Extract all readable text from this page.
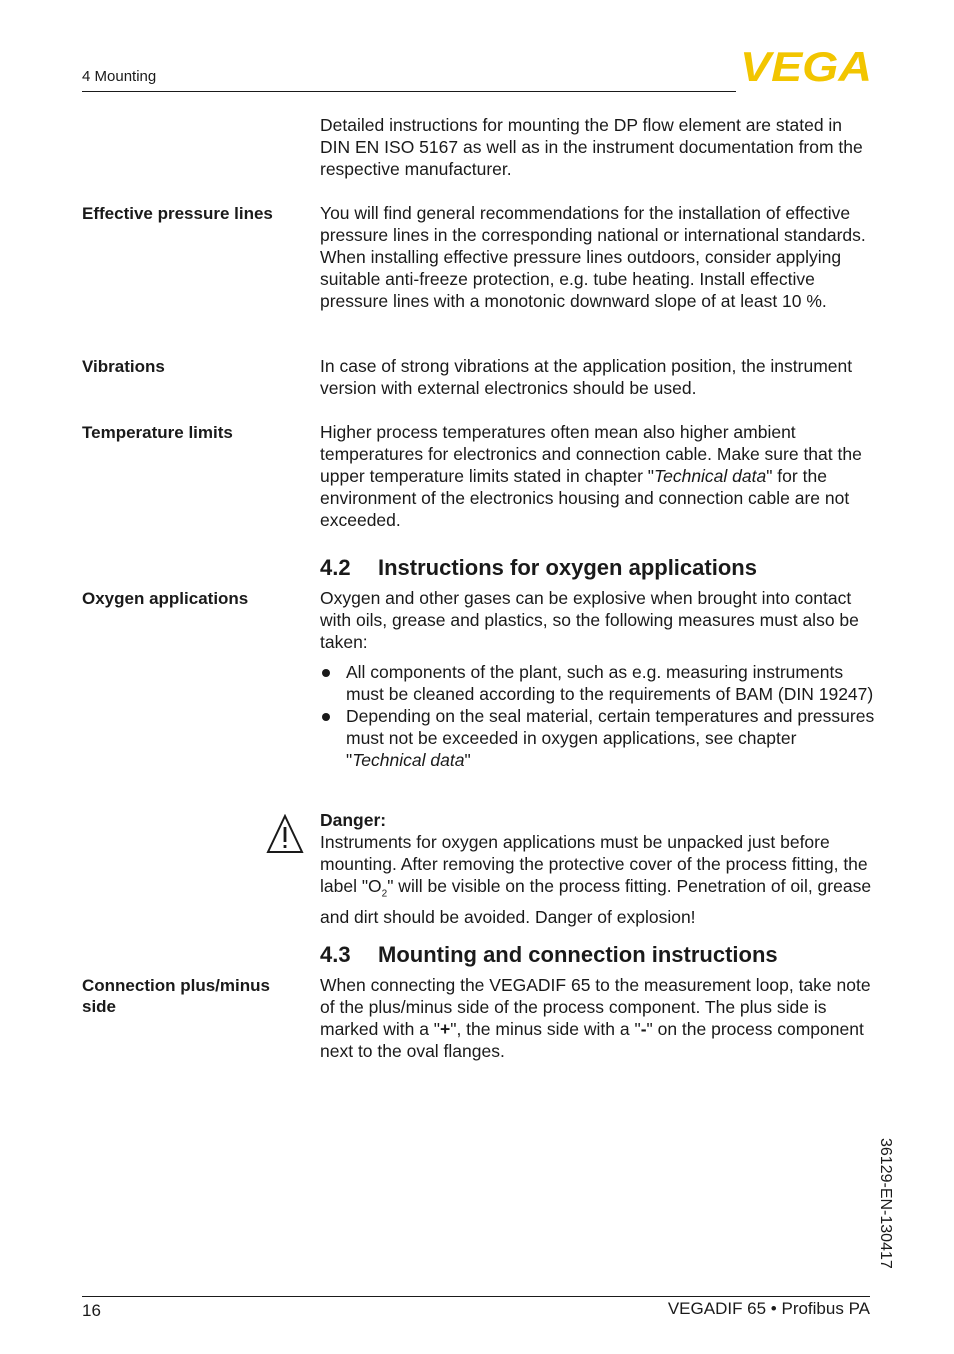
4 Mounting	VEGA

Detailed instructions for mounting the DP flow element are stated in DIN EN ISO 5167 as well as in the instrument documentation from the respective manufacturer.

Effective pressure lines	You will find general recommendations for the installation of effective pressure lines in the corresponding national or international standards. When installing effective pressure lines outdoors, consider applying suitable anti-freeze protection, e.g. tube heating. Install effective pressure lines with a monotonic downward slope of at least 10 %.

Vibrations	In case of strong vibrations at the application position, the instrument version with external electronics should be used.

Temperature limits	Higher process temperatures often mean also higher ambient temperatures for electronics and connection cable. Make sure that the upper temperature limits stated in chapter "Technical data" for the environment of the electronics housing and connection cable are not exceeded.

4.2 Instructions for oxygen applications
Oxygen applications	Oxygen and other gases can be explosive when brought into contact with oils, grease and plastics, so the following measures must also be taken:

All components of the plant, such as e.g. measuring instruments must be cleaned according to the requirements of BAM (DIN 19247)
Depending on the seal material, certain temperatures and pressures must not be exceeded in oxygen applications, see chapter "Technical data"

Danger:

Instruments for oxygen applications must be unpacked just before mounting. After removing the protective cover of the process fitting, the label "$O_2$" will be visible on the process fitting. Penetration of oil, grease and dirt should be avoided. Danger of explosion!

4.3 Mounting and connection instructions
Connection plus/minus side

When connecting the VEGADIF 65 to the measurement loop, take note of the plus/minus side of the process component. The plus side is marked with a "+", the minus side with a "-" on the process component next to the oval flanges.

36129-EN-130417
16	VEGADIF 65 • Profibus PA
